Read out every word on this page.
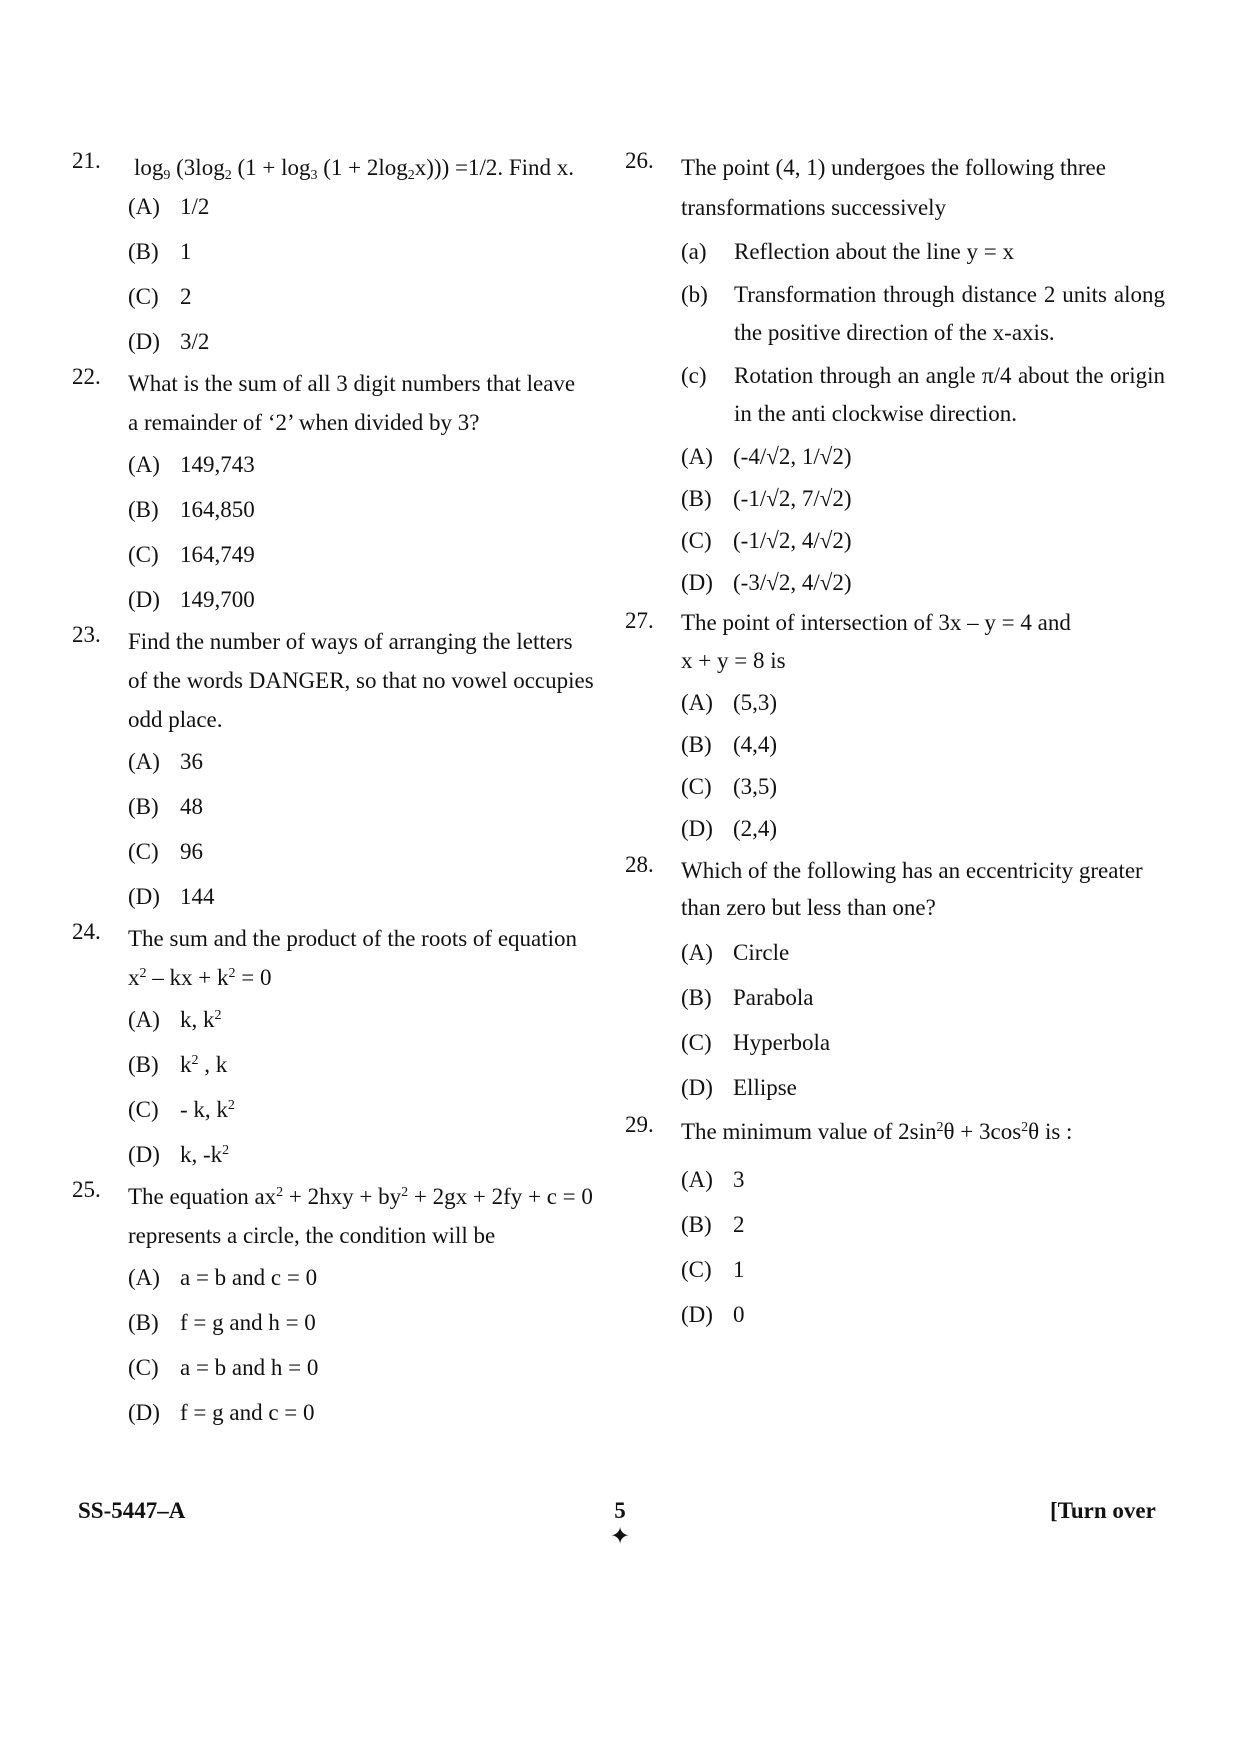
21. $\log_9 (3\log_2$ $(1 + \log_3 (1 + 2\log_2x))) =1/2$. Find x.
(A) 1/2
(B) 1
(C) 2
(D) 3/2
22. What is the sum of all 3 digit numbers that leave
a remainder of ‘2’ when divided by 3?
(A) 149,743
(B) 164,850
(C) 164,749
(D) 149,700
23. Find the number of ways of arranging the letters
of the words DANGER, so that no vowel occupies
odd place.
(A) 36
(B) 48
(C) 96
(D) 144
24. The sum and the product of the roots of equation
$x^2$ – kx + $k^2 = 0$
(A) k, $k^2$
(B) $k^2$ , k
(C) - k, $k^2$
(D) k, $-k^2$
25. The equation $ax^2 + 2hxy + by^2 + 2gx + 2fy + c = 0$
represents a circle, the condition will be
(A) a = b and c = 0
(B) f = g and h = 0
(C) a = b and h = 0
(D) f = g and c = 0
26. The point (4, 1) undergoes the following three
transformations successively
(a) Reflection about the line y = x
(b) Transformation through distance 2 units along the positive direction of the x-axis.
(c) Rotation through an angle π/4 about the origin in the anti clockwise direction.
(A) (-4/√2, 1/√2)
(B) (-1/√2, 7/√2)
(C) (-1/√2, 4/√2)
(D) (-3/√2, 4/√2)
27. The point of intersection of 3x – y = 4 and
x + y = 8 is
(A) (5,3)
(B) (4,4)
(C) (3,5)
(D) (2,4)
28. Which of the following has an eccentricity greater
than zero but less than one?
(A) Circle
(B) Parabola
(C) Hyperbola
(D) Ellipse
29. The minimum value of $2\sin^2\theta + 3\cos^2\theta$ is :
(A) 3
(B) 2
(C) 1
(D) 0
SS-5447–A	5
✦
[Turn over
